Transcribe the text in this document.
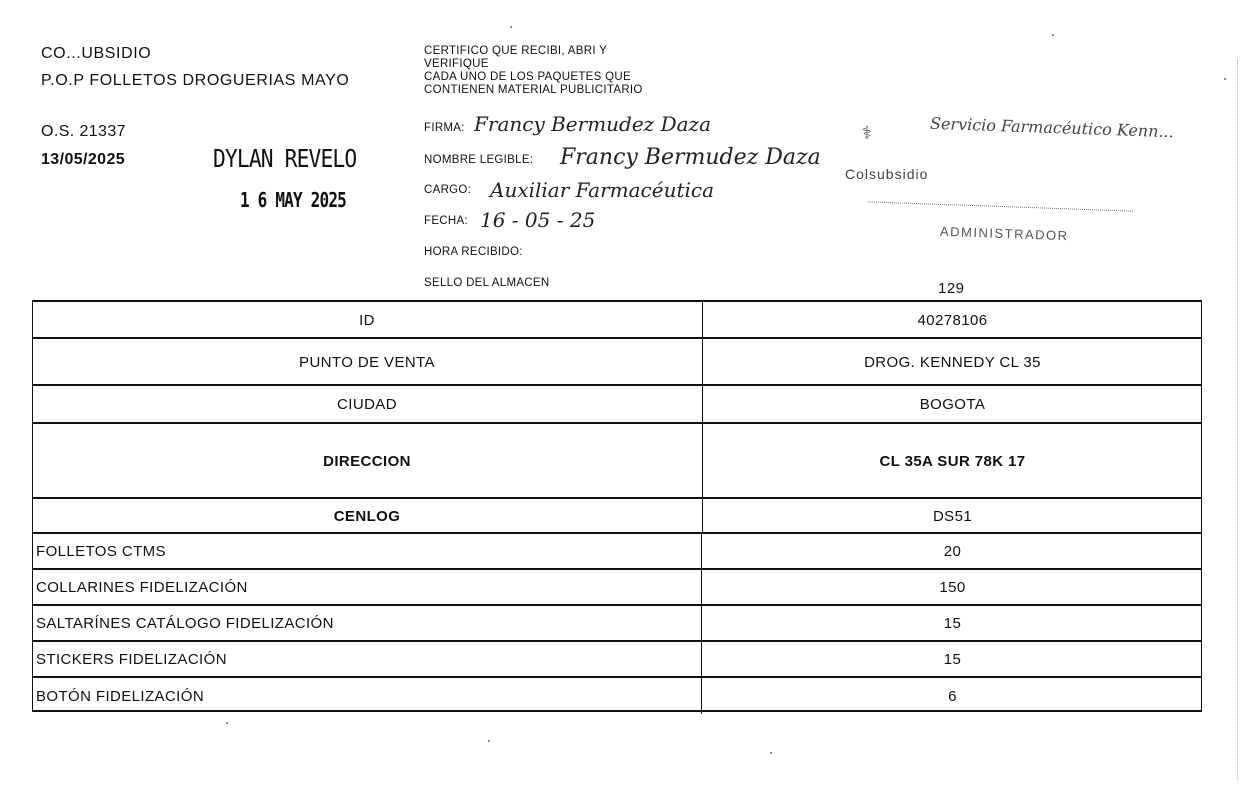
CO...UBSIDIO
P.O.P FOLLETOS DROGUERIAS MAYO
O.S. 21337
13/05/2025	DYLAN REVELO
1 6 MAY 2025
CERTIFICO QUE RECIBI, ABRI Y
VERIFIQUE
CADA UNO DE LOS PAQUETES QUE
CONTIENEN MATERIAL PUBLICITARIO
FIRMA: Francy Bermudez Daza
NOMBRE LEGIBLE: Francy Bermudez Daza
CARGO: Auxiliar Farmacéutica
FECHA: 16 - 05 - 25
HORA RECIBIDO:
SELLO DEL ALMACEN
⚕	Servicio Farmacéutico Kenn...
Colsubsidio
ADMINISTRADOR
129
ID	40278106
PUNTO DE VENTA	DROG. KENNEDY CL 35
CIUDAD	BOGOTA
DIRECCION	CL 35A SUR 78K 17
CENLOG	DS51
FOLLETOS CTMS	20
COLLARINES FIDELIZACIÓN	150
SALTARÍNES CATÁLOGO FIDELIZACIÓN	15
STICKERS FIDELIZACIÓN	15
BOTÓN FIDELIZACIÓN	6
